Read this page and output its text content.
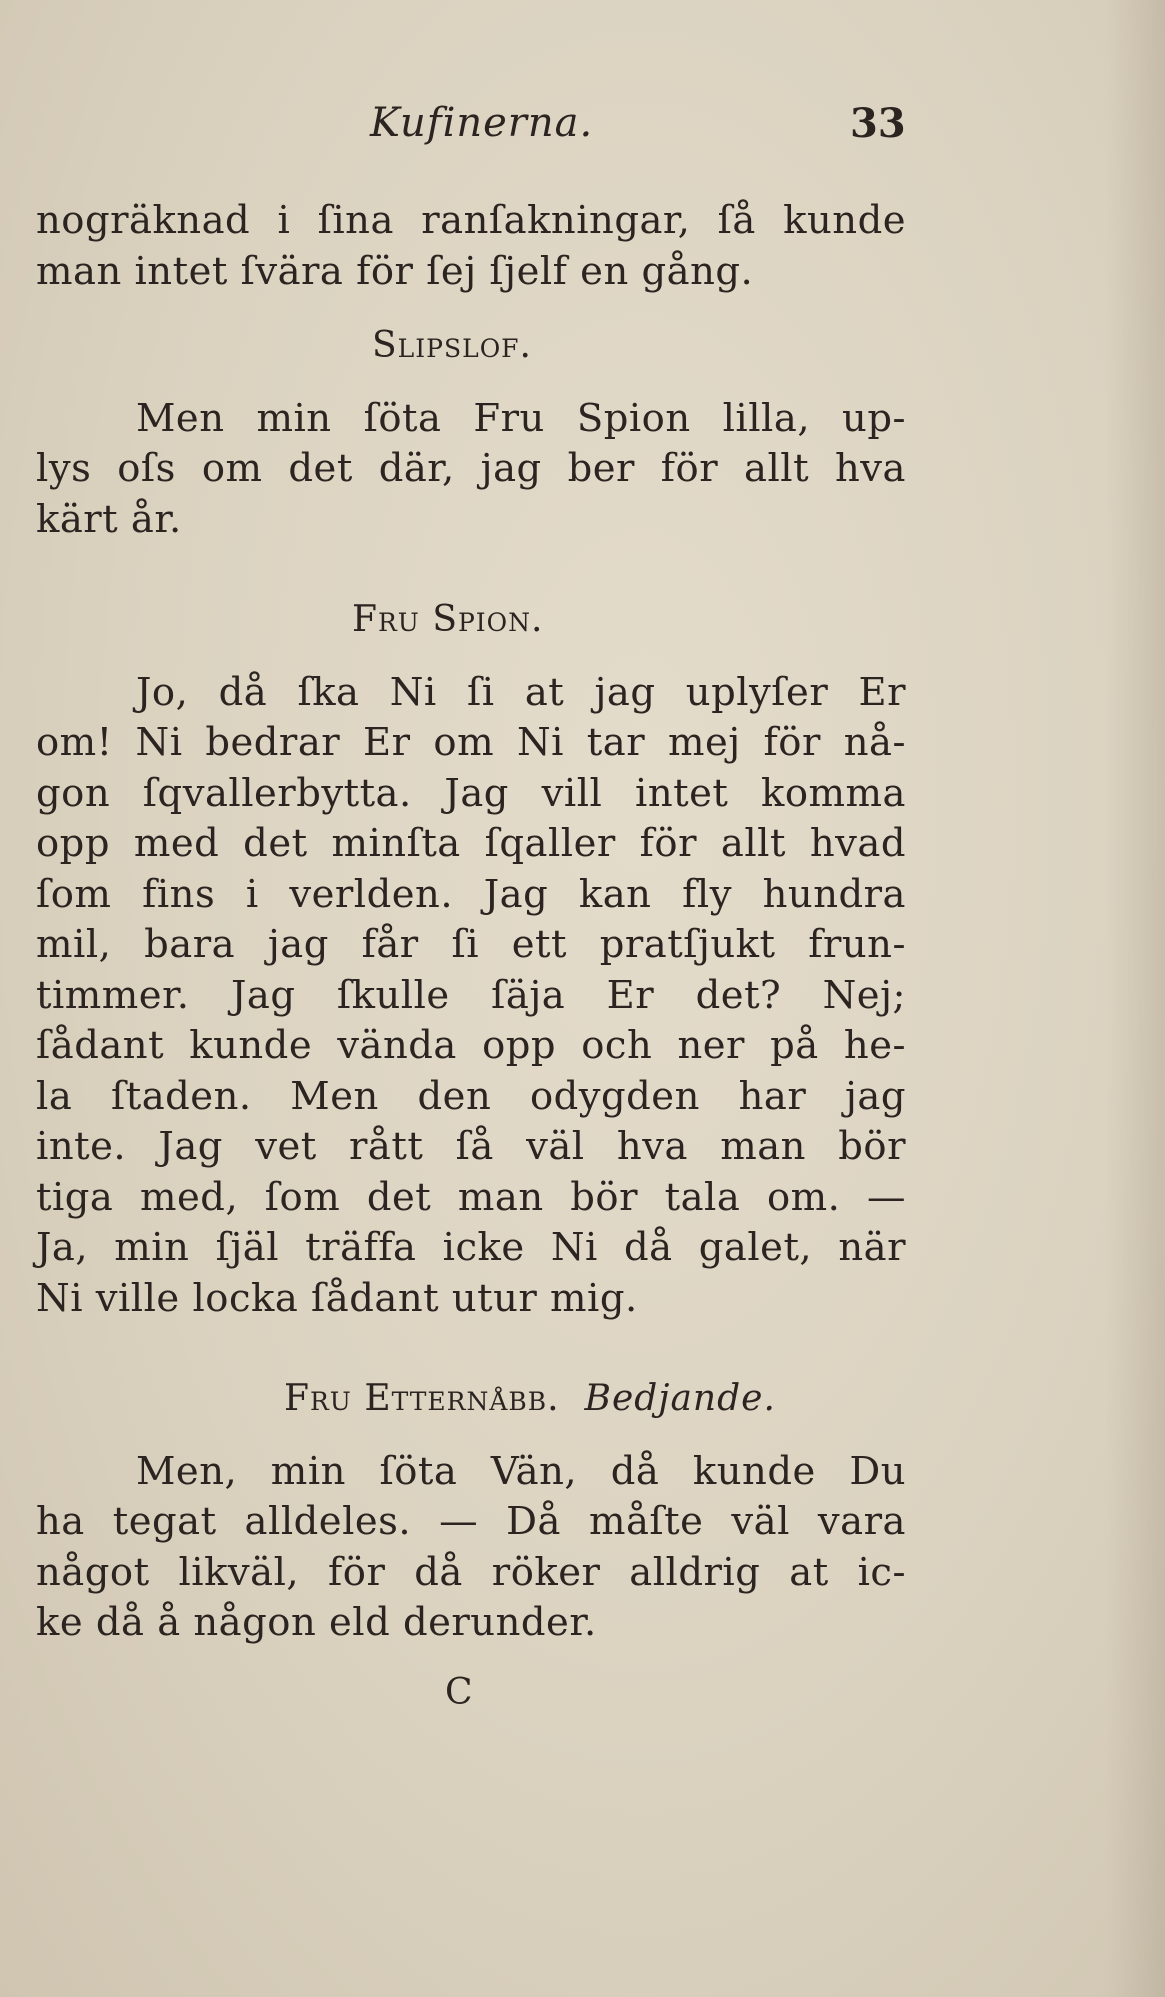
Kufinerna.	33
nogräknad i ſina ranſakningar, ſå kunde
man intet ſvära för ſej ſjelf en gång.
Slipslof.
Men min ſöta Fru Spion lilla, up-
lys oſs om det där, jag ber för allt hva
kärt år.
Fru Spion.
Jo, då ſka Ni ſi at jag uplyſer Er
om! Ni bedrar Er om Ni tar mej för nå-
gon ſqvallerbytta. Jag vill intet komma
opp med det minſta ſqaller för allt hvad
ſom fins i verlden. Jag kan fly hundra
mil, bara jag får ſi ett pratſjukt frun-
timmer. Jag ſkulle ſäja Er det? Nej;
ſådant kunde vända opp och ner på he-
la ſtaden. Men den odygden har jag
inte. Jag vet rått ſå väl hva man bör
tiga med, ſom det man bör tala om. —
Ja, min ſjäl träffa icke Ni då galet, när
Ni ville locka ſådant utur mig.
Fru Etternåbb. Bedjande.
Men, min ſöta Vän, då kunde Du
ha tegat alldeles. — Då måſte väl vara
något likväl, för då röker alldrig at ic-
ke då å någon eld derunder.
C
